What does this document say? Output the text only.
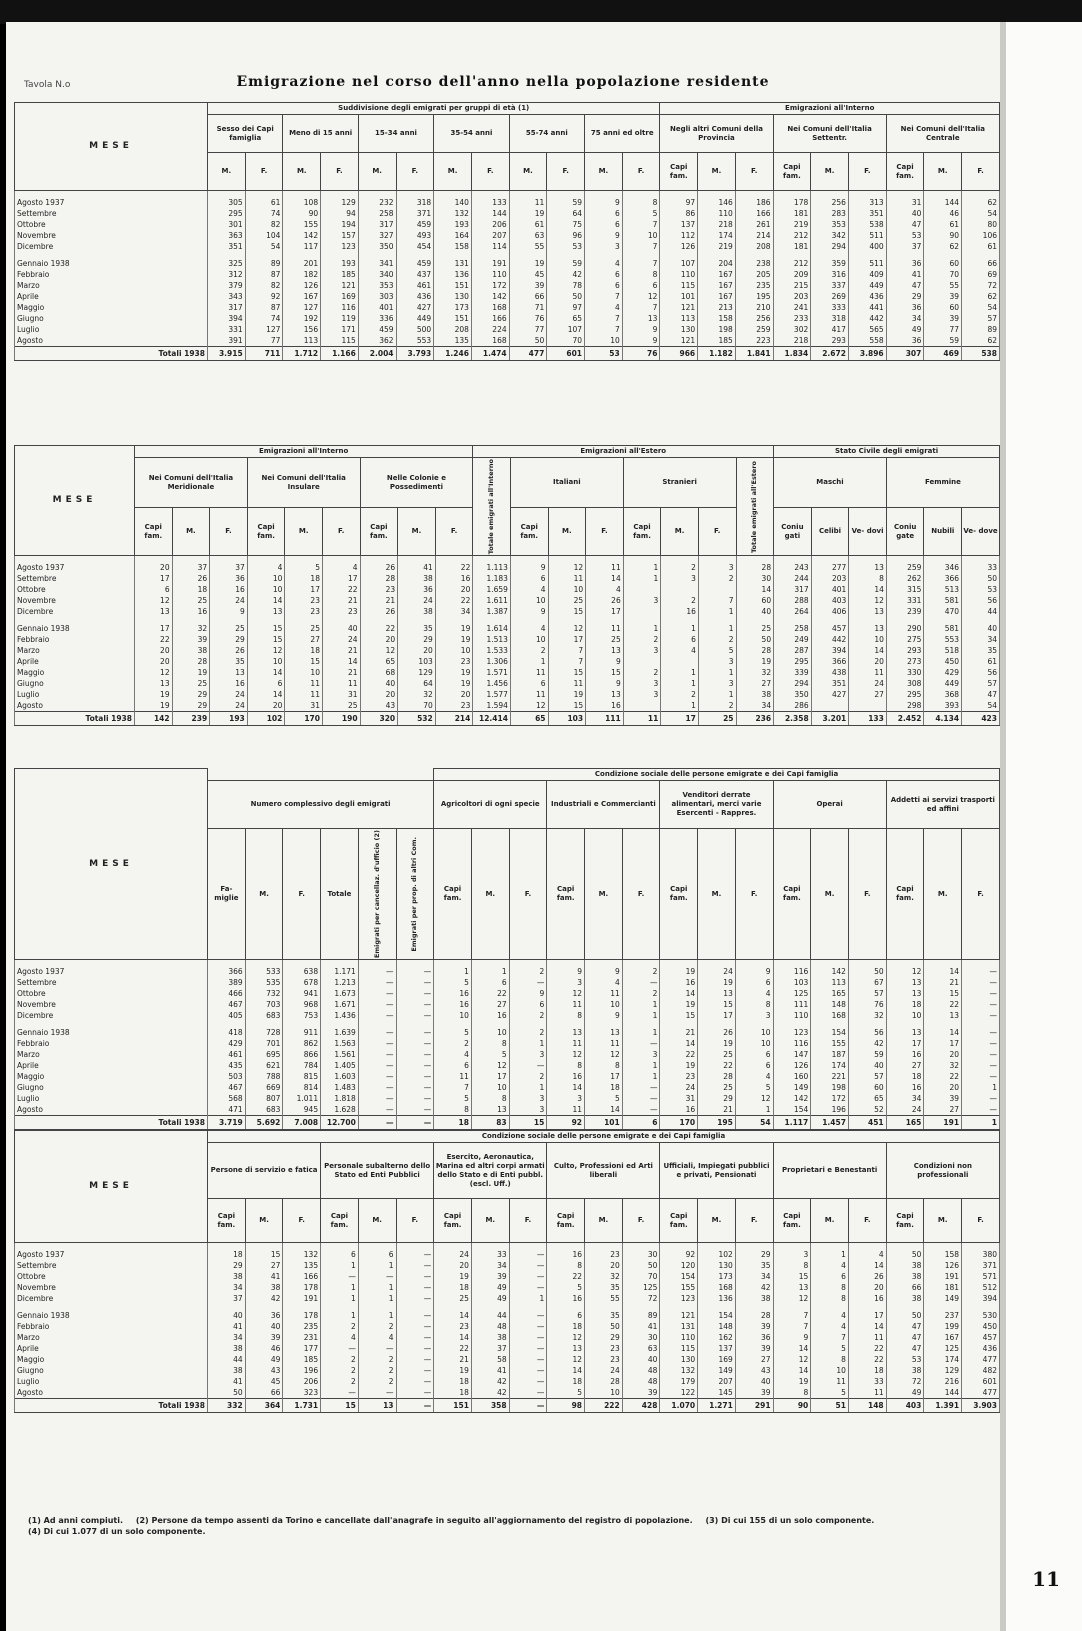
Tavola N.o	Emigrazione nel corso dell'anno nella popolazione residente
MESE	Suddivisione degli emigrati per gruppi di età (1)												Emigrazioni all'Interno								
	Sesso dei Capi famiglia		Meno di 15 anni		15-34 anni		35-54 anni		55-74 anni		75 anni ed oltre		Negli altri Comuni della Provincia			Nei Comuni dell'Italia Settentr.			Nei Comuni dell'Italia Centrale		
	M.	F.	M.	F.	M.	F.	M.	F.	M.	F.	M.	F.	Capi fam.	M.	F.	Capi fam.	M.	F.	Capi fam.	M.	F.
Agosto 1937	305	61	108	129	232	318	140	133	11	59	9	8	97	146	186	178	256	313	31	144	62
Settembre	295	74	90	94	258	371	132	144	19	64	6	5	86	110	166	181	283	351	40	46	54
Ottobre	301	82	155	194	317	459	193	206	61	75	6	7	137	218	261	219	353	538	47	61	80
Novembre	363	104	142	157	327	493	164	207	63	96	9	10	112	174	214	212	342	511	53	90	106
Dicembre	351	54	117	123	350	454	158	114	55	53	3	7	126	219	208	181	294	400	37	62	61

Gennaio 1938	325	89	201	193	341	459	131	191	19	59	4	7	107	204	238	212	359	511	36	60	66
Febbraio	312	87	182	185	340	437	136	110	45	42	6	8	110	167	205	209	316	409	41	70	69
Marzo	379	82	126	121	353	461	151	172	39	78	6	6	115	167	235	215	337	449	47	55	72
Aprile	343	92	167	169	303	436	130	142	66	50	7	12	101	167	195	203	269	436	29	39	62
Maggio	317	87	127	116	401	427	173	168	71	97	4	7	121	213	210	241	333	441	36	60	54
Giugno	394	74	192	119	336	449	151	166	76	65	7	13	113	158	256	233	318	442	34	39	57
Luglio	331	127	156	171	459	500	208	224	77	107	7	9	130	198	259	302	417	565	49	77	89
Agosto	391	77	113	115	362	553	135	168	50	70	10	9	121	185	223	218	293	558	36	59	62
Totali 1938	3.915	711	1.712	1.166	2.004	3.793	1.246	1.474	477	601	53	76	966	1.182	1.841	1.834	2.672	3.896	307	469	538
MESE	Emigrazioni all'Interno									Emigrazioni all'Estero								Stato Civile degli emigrati					
	Nei Comuni dell'Italia Meridionale			Nei Comuni dell'Italia Insulare			Nelle Colonie e Possedimenti			Totale emigrati all'Interno	Italiani			Stranieri			Totale emigrati all'Estero	Maschi			Femmine		
	Capi fam.	M.	F.	Capi fam.	M.	F.	Capi fam.	M.	F.		Capi fam.	M.	F.	Capi fam.	M.	F.		Coniu gati	Celibi	Ve- dovi	Coniu gate	Nubili	Ve- dove
Agosto 1937	20	37	37	4	5	4	26	41	22	1.113	9	12	11	1	2	3	28	243	277	13	259	346	33
Settembre	17	26	36	10	18	17	28	38	16	1.183	6	11	14	1	3	2	30	244	203	8	262	366	50
Ottobre	6	18	16	10	17	22	23	36	20	1.659	4	10	4				14	317	401	14	315	513	53
Novembre	12	25	24	14	23	21	21	24	22	1.611	10	25	26	3	2	7	60	288	403	12	331	581	56
Dicembre	13	16	9	13	23	23	26	38	34	1.387	9	15	17		16	1	40	264	406	13	239	470	44

Gennaio 1938	17	32	25	15	25	40	22	35	19	1.614	4	12	11	1	1	1	25	258	457	13	290	581	40
Febbraio	22	39	29	15	27	24	20	29	19	1.513	10	17	25	2	6	2	50	249	442	10	275	553	34
Marzo	20	38	26	12	18	21	12	20	10	1.533	2	7	13	3	4	5	28	287	394	14	293	518	35
Aprile	20	28	35	10	15	14	65	103	23	1.306	1	7	9			3	19	295	366	20	273	450	61
Maggio	12	19	13	14	10	21	68	129	19	1.571	11	15	15	2	1	1	32	339	438	11	330	429	56
Giugno	13	25	16	6	11	11	40	64	19	1.456	6	11	9	3	1	3	27	294	351	24	308	449	57
Luglio	19	29	24	14	11	31	20	32	20	1.577	11	19	13	3	2	1	38	350	427	27	295	368	47
Agosto	19	29	24	20	31	25	43	70	23	1.594	12	15	16		1	2	34	286			298	393	54
Totali 1938	142	239	193	102	170	190	320	532	214	12.414	65	103	111	11	17	25	236	2.358	3.201	133	2.452	4.134	423
MESE							Condizione sociale delle persone emigrate e dei Capi famiglia														
	Numero complessivo degli emigrati						Agricoltori di ogni specie			Industriali e Commercianti			Venditori derrate alimentari, merci varie Esercenti - Rappres.			Operai			Addetti ai servizi trasporti ed affini		
	Fa- miglie	M.	F.	Totale	Emigrati per cancellaz. d'ufficio (2)	Emigrati per prop. di altri Com.	Capi fam.	M.	F.	Capi fam.	M.	F.	Capi fam.	M.	F.	Capi fam.	M.	F.	Capi fam.	M.	F.
Agosto 1937	366	533	638	1.171	—	—	1	1	2	9	9	2	19	24	9	116	142	50	12	14	—
Settembre	389	535	678	1.213	—	—	5	6	—	3	4	—	16	19	6	103	113	67	13	21	—
Ottobre	466	732	941	1.673	—	—	16	22	9	12	11	2	14	13	4	125	165	57	13	15	—
Novembre	467	703	968	1.671	—	—	16	27	6	11	10	1	19	15	8	111	148	76	18	22	—
Dicembre	405	683	753	1.436	—	—	10	16	2	8	9	1	15	17	3	110	168	32	10	13	—

Gennaio 1938	418	728	911	1.639	—	—	5	10	2	13	13	1	21	26	10	123	154	56	13	14	—
Febbraio	429	701	862	1.563	—	—	2	8	1	11	11	—	14	19	10	116	155	42	17	17	—
Marzo	461	695	866	1.561	—	—	4	5	3	12	12	3	22	25	6	147	187	59	16	20	—
Aprile	435	621	784	1.405	—	—	6	12	—	8	8	1	19	22	6	126	174	40	27	32	—
Maggio	503	788	815	1.603	—	—	11	17	2	16	17	1	23	28	4	160	221	57	18	22	—
Giugno	467	669	814	1.483	—	—	7	10	1	14	18	—	24	25	5	149	198	60	16	20	1
Luglio	568	807	1.011	1.818	—	—	5	8	3	3	5	—	31	29	12	142	172	65	34	39	—
Agosto	471	683	945	1.628	—	—	8	13	3	11	14	—	16	21	1	154	196	52	24	27	—
Totali 1938	3.719	5.692	7.008	12.700	—	—	18	83	15	92	101	6	170	195	54	1.117	1.457	451	165	191	1
MESE	Condizione sociale delle persone emigrate e dei Capi famiglia																				
	Persone di servizio e fatica			Personale subalterno dello Stato ed Enti Pubblici			Esercito, Aeronautica, Marina ed altri corpi armati dello Stato e di Enti pubbl. (escl. Uff.)			Culto, Professioni ed Arti liberali			Ufficiali, Impiegati pubblici e privati, Pensionati			Proprietari e Benestanti			Condizioni non professionali		
	Capi fam.	M.	F.	Capi fam.	M.	F.	Capi fam.	M.	F.	Capi fam.	M.	F.	Capi fam.	M.	F.	Capi fam.	M.	F.	Capi fam.	M.	F.
Agosto 1937	18	15	132	6	6	—	24	33	—	16	23	30	92	102	29	3	1	4	50	158	380
Settembre	29	27	135	1	1	—	20	34	—	8	20	50	120	130	35	8	4	14	38	126	371
Ottobre	38	41	166	—	—	—	19	39	—	22	32	70	154	173	34	15	6	26	38	191	571
Novembre	34	38	178	1	1	—	18	49	—	5	35	125	155	168	42	13	8	20	66	181	512
Dicembre	37	42	191	1	1	—	25	49	1	16	55	72	123	136	38	12	8	16	38	149	394

Gennaio 1938	40	36	178	1	1	—	14	44	—	6	35	89	121	154	28	7	4	17	50	237	530
Febbraio	41	40	235	2	2	—	23	48	—	18	50	41	131	148	39	7	4	14	47	199	450
Marzo	34	39	231	4	4	—	14	38	—	12	29	30	110	162	36	9	7	11	47	167	457
Aprile	38	46	177	—	—	—	22	37	—	13	23	63	115	137	39	14	5	22	47	125	436
Maggio	44	49	185	2	2	—	21	58	—	12	23	40	130	169	27	12	8	22	53	174	477
Giugno	38	43	196	2	2	—	19	41	—	14	24	48	132	149	43	14	10	18	38	129	482
Luglio	41	45	206	2	2	—	18	42	—	18	28	48	179	207	40	19	11	33	72	216	601
Agosto	50	66	323	—	—	—	18	42	—	5	10	39	122	145	39	8	5	11	49	144	477
Totali 1938	332	364	1.731	15	13	—	151	358	—	98	222	428	1.070	1.271	291	90	51	148	403	1.391	3.903
(1) Ad anni compiuti. (2) Persone da tempo assenti da Torino e cancellate dall'anagrafe in seguito all'aggiornamento del registro di popolazione. (3) Di cui 155 di un solo componente.
(4) Di cui 1.077 di un solo componente.
11
